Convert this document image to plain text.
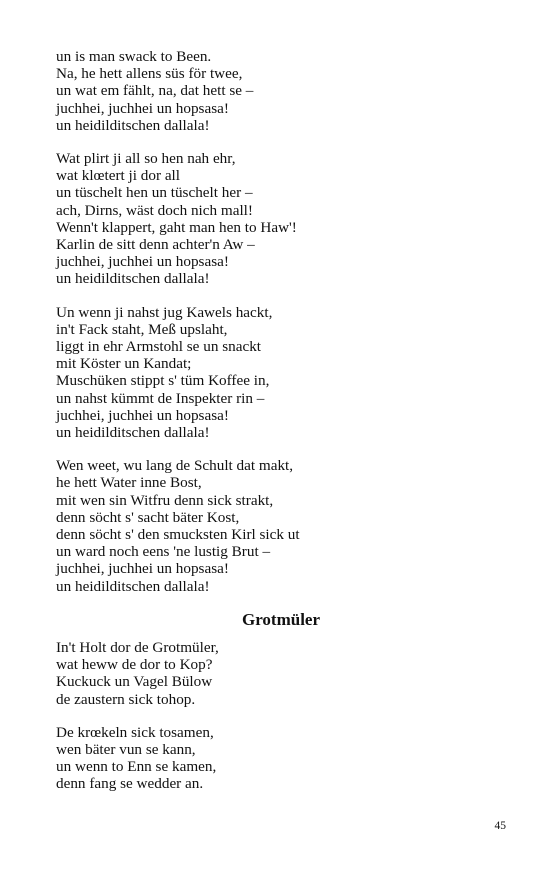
un is man swack to Been.
Na, he hett allens süs för twee,
un wat em fählt, na, dat hett se –
juchhei, juchhei un hopsasa!
un heidilditschen dallala!
Wat plirt ji all so hen nah ehr,
wat klœtert ji dor all
un tüschelt hen un tüschelt her –
ach, Dirns, wäst doch nich mall!
Wenn't klappert, gaht man hen to Haw'!
Karlin de sitt denn achter'n Aw –
juchhei, juchhei un hopsasa!
un heidilditschen dallala!
Un wenn ji nahst jug Kawels hackt,
in't Fack staht, Meß upslaht,
liggt in ehr Armstohl se un snackt
mit Köster un Kandat;
Muschüken stippt s' tüm Koffee in,
un nahst kümmt de Inspekter rin –
juchhei, juchhei un hopsasa!
un heidilditschen dallala!
Wen weet, wu lang de Schult dat makt,
he hett Water inne Bost,
mit wen sin Witfru denn sick strakt,
denn söcht s' sacht bäter Kost,
denn söcht s' den smucksten Kirl sick ut
un ward noch eens 'ne lustig Brut –
juchhei, juchhei un hopsasa!
un heidilditschen dallala!
Grotmüler
In't Holt dor de Grotmüler,
wat heww de dor to Kop?
Kuckuck un Vagel Bülow
de zaustern sick tohop.
De krœkeln sick tosamen,
wen bäter vun se kann,
un wenn to Enn se kamen,
denn fang se wedder an.
45
